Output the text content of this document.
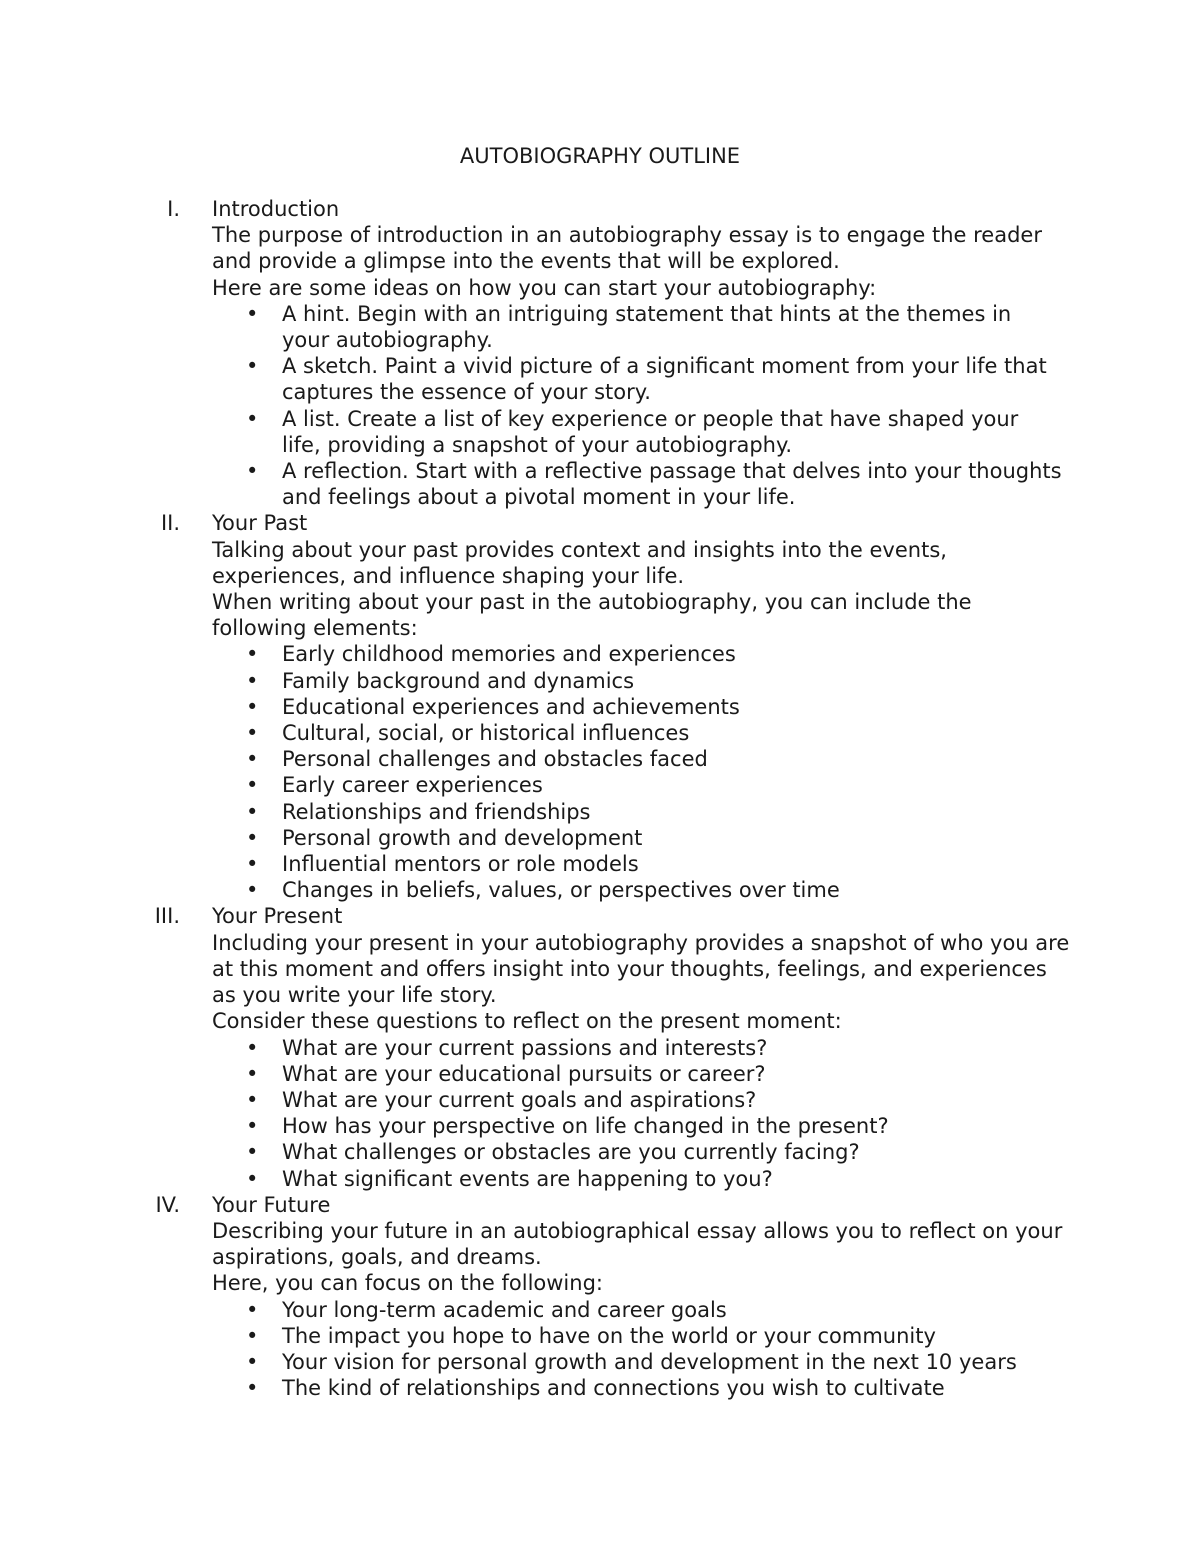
AUTOBIOGRAPHY OUTLINE
I. Introduction

The purpose of introduction in an autobiography essay is to engage the reader and provide a glimpse into the events that will be explored.

Here are some ideas on how you can start your autobiography:

• A hint. Begin with an intriguing statement that hints at the themes in your autobiography.
• A sketch. Paint a vivid picture of a significant moment from your life that captures the essence of your story.
• A list. Create a list of key experience or people that have shaped your life, providing a snapshot of your autobiography.
• A reflection. Start with a reflective passage that delves into your thoughts and feelings about a pivotal moment in your life.
II. Your Past

Talking about your past provides context and insights into the events, experiences, and influence shaping your life.

When writing about your past in the autobiography, you can include the following elements:

• Early childhood memories and experiences
• Family background and dynamics
• Educational experiences and achievements
• Cultural, social, or historical influences
• Personal challenges and obstacles faced
• Early career experiences
• Relationships and friendships
• Personal growth and development
• Influential mentors or role models
• Changes in beliefs, values, or perspectives over time
III. Your Present

Including your present in your autobiography provides a snapshot of who you are at this moment and offers insight into your thoughts, feelings, and experiences as you write your life story.

Consider these questions to reflect on the present moment:

• What are your current passions and interests?
• What are your educational pursuits or career?
• What are your current goals and aspirations?
• How has your perspective on life changed in the present?
• What challenges or obstacles are you currently facing?
• What significant events are happening to you?
IV. Your Future

Describing your future in an autobiographical essay allows you to reflect on your aspirations, goals, and dreams.

Here, you can focus on the following:

• Your long-term academic and career goals
• The impact you hope to have on the world or your community
• Your vision for personal growth and development in the next 10 years
• The kind of relationships and connections you wish to cultivate
